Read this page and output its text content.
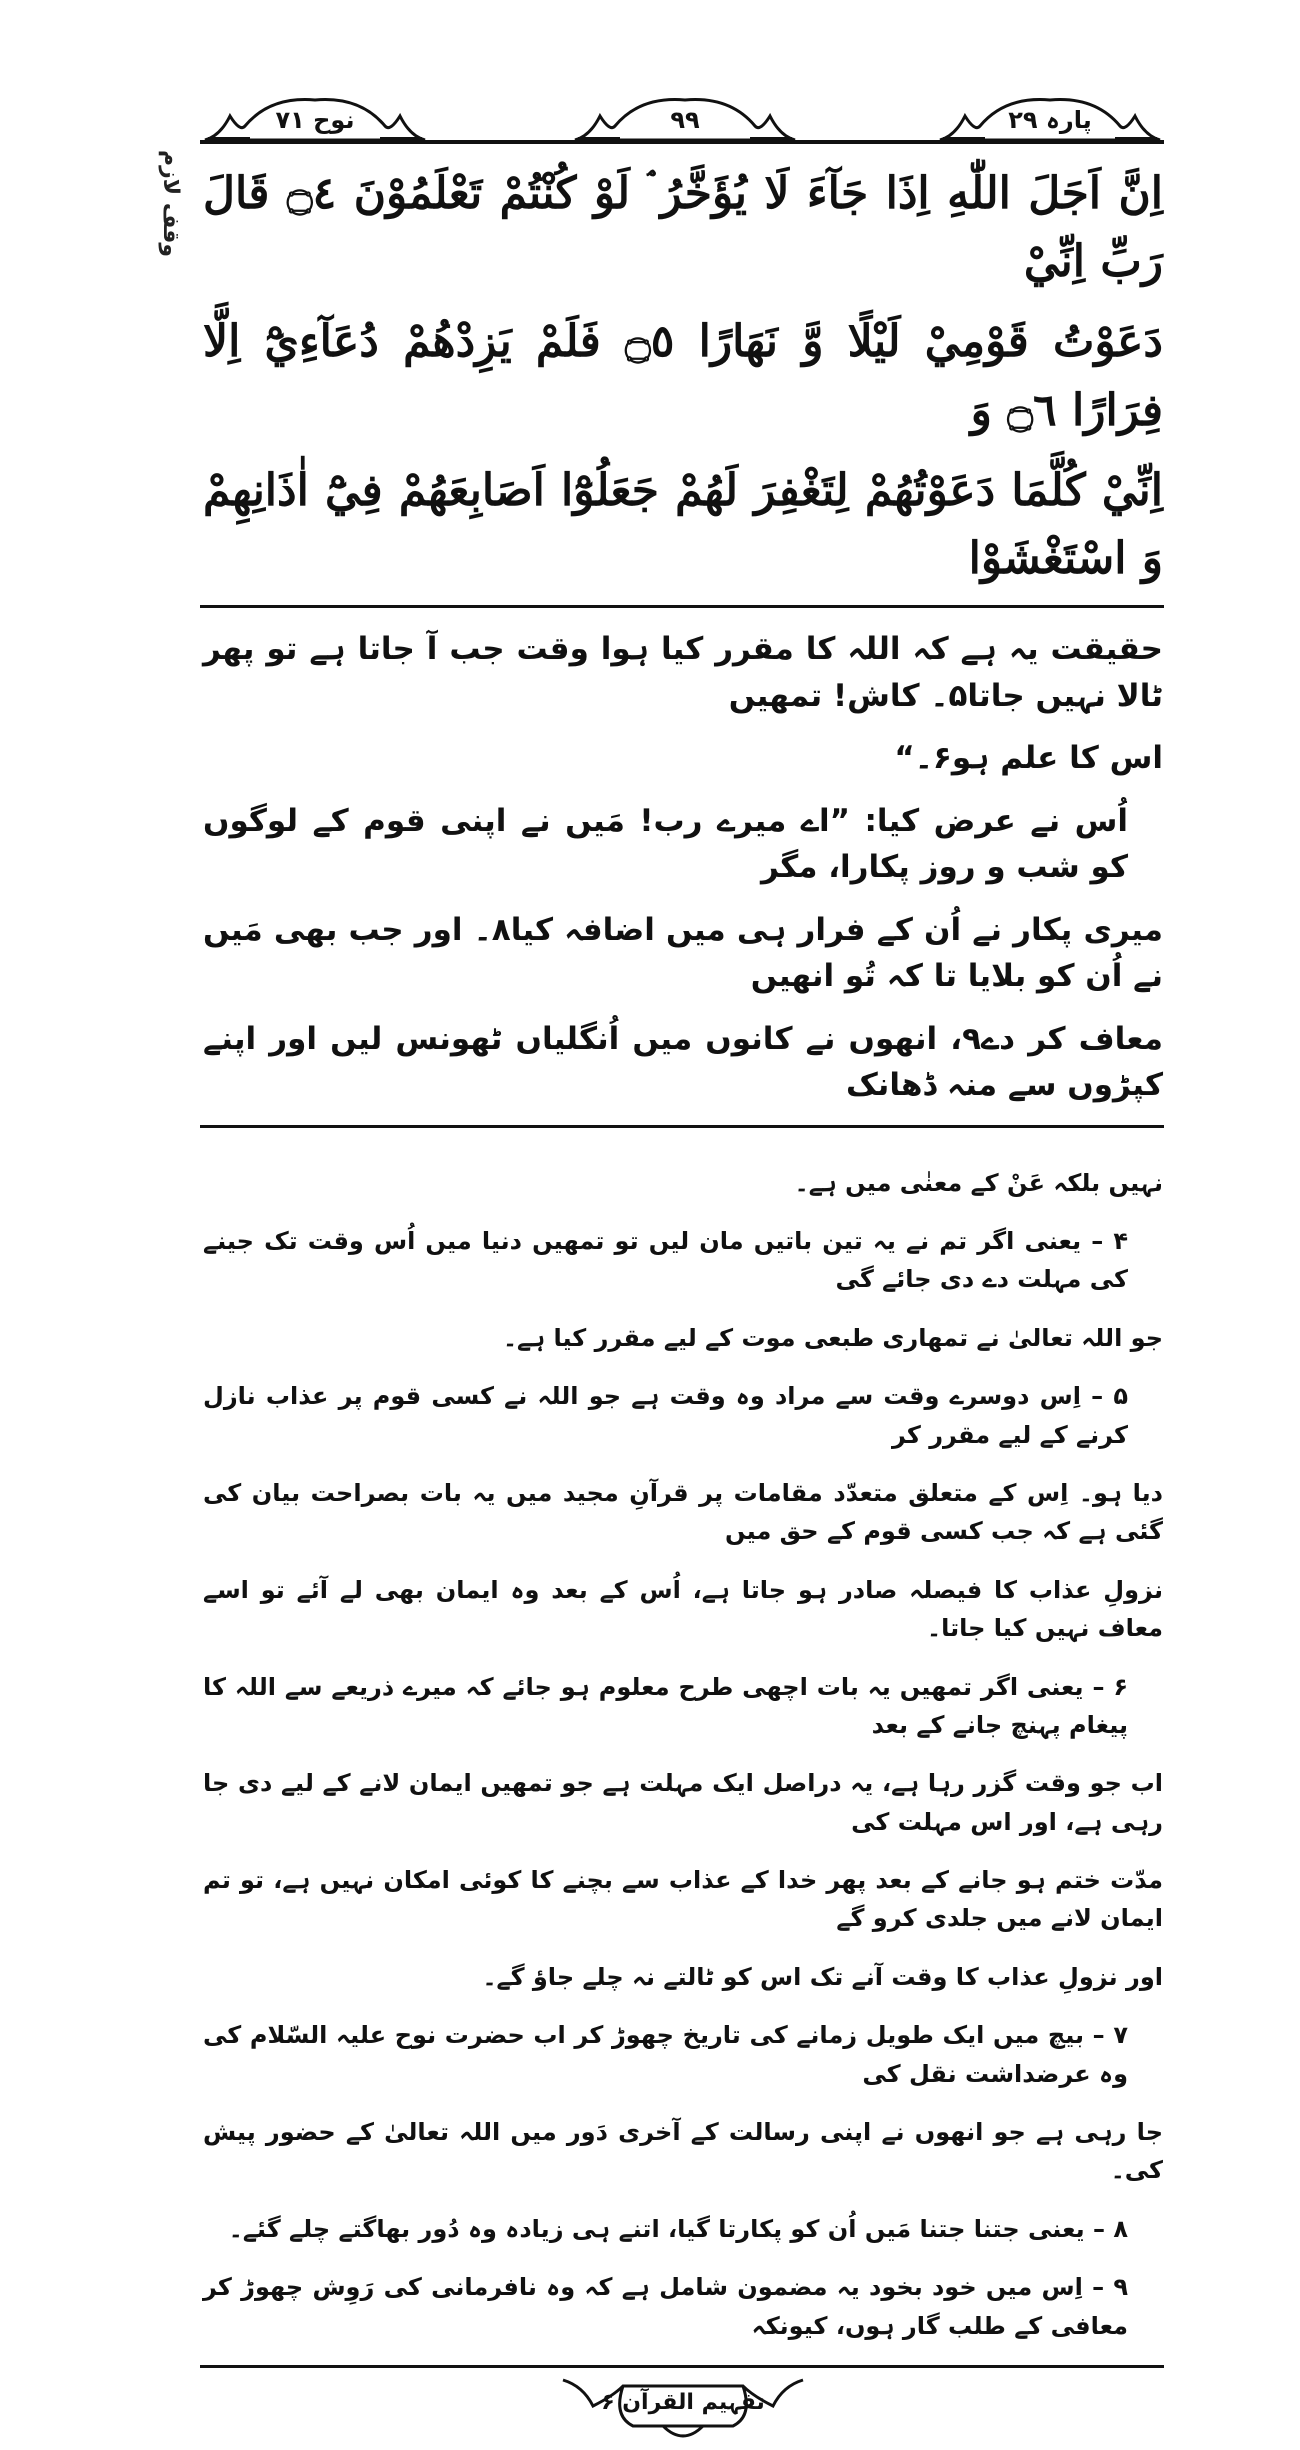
نوح ۷۱	۹۹	پارہ ۲۹
وقف لازم اِنَّ اَجَلَ اللّٰهِ اِذَا جَآءَ لَا يُؤَخَّرُ ۘ لَوْ كُنْتُمْ تَعْلَمُوْنَ ۝٤ قَالَ رَبِّ اِنِّيْ
دَعَوْتُ قَوْمِيْ لَيْلًا وَّ نَهَارًا ۝٥ فَلَمْ يَزِدْهُمْ دُعَآءِيْٓ اِلَّا فِرَارًا ۝٦ وَ
اِنِّيْ كُلَّمَا دَعَوْتُهُمْ لِتَغْفِرَ لَهُمْ جَعَلُوْٓا اَصَابِعَهُمْ فِيْٓ اٰذَانِهِمْ وَ اسْتَغْشَوْا
حقیقت یہ ہے کہ اللہ کا مقرر کیا ہوا وقت جب آ جاتا ہے تو پھر ٹالا نہیں جاتا۵۔ کاش! تمھیں
اس کا علم ہو۶۔“
اُس نے عرض کیا: ”اے میرے رب! مَیں نے اپنی قوم کے لوگوں کو شب و روز پکارا، مگر
میری پکار نے اُن کے فرار ہی میں اضافہ کیا۸۔ اور جب بھی مَیں نے اُن کو بلایا تا کہ تُو انھیں
معاف کر دے۹، انھوں نے کانوں میں اُنگلیاں ٹھونس لیں اور اپنے کپڑوں سے منہ ڈھانک
نہیں بلکہ عَنْ کے معنٰی میں ہے۔
۴ – یعنی اگر تم نے یہ تین باتیں مان لیں تو تمھیں دنیا میں اُس وقت تک جینے کی مہلت دے دی جائے گی
جو اللہ تعالیٰ نے تمھاری طبعی موت کے لیے مقرر کیا ہے۔
۵ – اِس دوسرے وقت سے مراد وہ وقت ہے جو اللہ نے کسی قوم پر عذاب نازل کرنے کے لیے مقرر کر
دیا ہو۔ اِس کے متعلق متعدّد مقامات پر قرآنِ مجید میں یہ بات بصراحت بیان کی گئی ہے کہ جب کسی قوم کے حق میں
نزولِ عذاب کا فیصلہ صادر ہو جاتا ہے، اُس کے بعد وہ ایمان بھی لے آئے تو اسے معاف نہیں کیا جاتا۔
۶ – یعنی اگر تمھیں یہ بات اچھی طرح معلوم ہو جائے کہ میرے ذریعے سے اللہ کا پیغام پہنچ جانے کے بعد
اب جو وقت گزر رہا ہے، یہ دراصل ایک مہلت ہے جو تمھیں ایمان لانے کے لیے دی جا رہی ہے، اور اس مہلت کی
مدّت ختم ہو جانے کے بعد پھر خدا کے عذاب سے بچنے کا کوئی امکان نہیں ہے، تو تم ایمان لانے میں جلدی کرو گے
اور نزولِ عذاب کا وقت آنے تک اس کو ٹالتے نہ چلے جاؤ گے۔
۷ – بیچ میں ایک طویل زمانے کی تاریخ چھوڑ کر اب حضرت نوح علیہ السّلام کی وہ عرضداشت نقل کی
جا رہی ہے جو انھوں نے اپنی رسالت کے آخری دَور میں اللہ تعالیٰ کے حضور پیش کی۔
۸ – یعنی جتنا جتنا مَیں اُن کو پکارتا گیا، اتنے ہی زیادہ وہ دُور بھاگتے چلے گئے۔
۹ – اِس میں خود بخود یہ مضمون شامل ہے کہ وہ نافرمانی کی رَوِش چھوڑ کر معافی کے طلب گار ہوں، کیونکہ
تفہیم القرآن ۶
